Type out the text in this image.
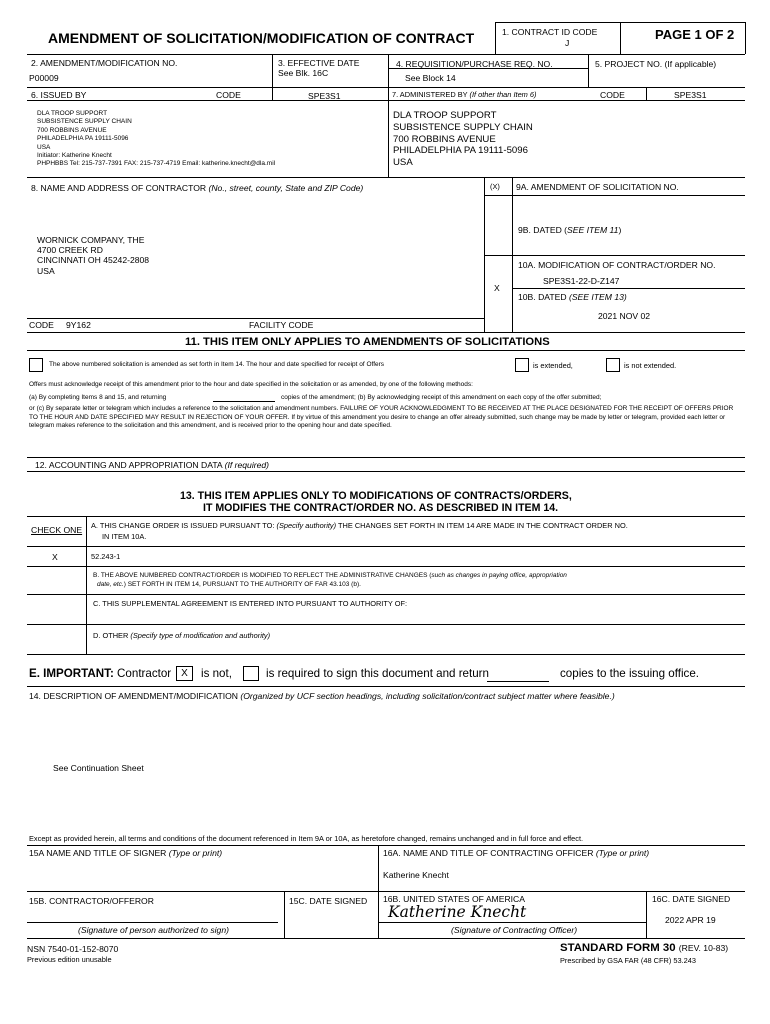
AMENDMENT OF SOLICITATION/MODIFICATION OF CONTRACT	1. CONTRACT ID CODE
J
PAGE 1 OF 2
2. AMENDMENT/MODIFICATION NO.
P00009
3. EFFECTIVE DATE
See Blk. 16C
4. REQUISITION/PURCHASE REQ. NO.
See Block 14
5. PROJECT NO. (If applicable)
6. ISSUED BY	CODE	SPE3S1	7. ADMINISTERED BY (If other than Item 6)	CODE	SPE3S1
DLA TROOP SUPPORT
SUBSISTENCE SUPPLY CHAIN
700 ROBBINS AVENUE
PHILADELPHIA PA 19111-5096
USA
Initiator: Katherine Knecht
PHPHBBS Tel: 215-737-7391 FAX: 215-737-4719 Email: katherine.knecht@dla.mil
DLA TROOP SUPPORT
SUBSISTENCE SUPPLY CHAIN
700 ROBBINS AVENUE
PHILADELPHIA PA 19111-5096
USA
8. NAME AND ADDRESS OF CONTRACTOR (No., street, county, State and ZIP Code)	(X) 9A. AMENDMENT OF SOLICITATION NO.
9B. DATED (SEE ITEM 11)
10A. MODIFICATION OF CONTRACT/ORDER NO.
SPE3S1-22-D-Z147
X
10B. DATED (SEE ITEM 13)
2021 NOV 02
WORNICK COMPANY, THE
4700 CREEK RD
CINCINNATI OH 45242-2808
USA
CODE 9Y162	FACILITY CODE
11. THIS ITEM ONLY APPLIES TO AMENDMENTS OF SOLICITATIONS
The above numbered solicitation is amended as set forth in Item 14. The hour and date specified for receipt of Offers	is extended,	is not extended.
Offers must acknowledge receipt of this amendment prior to the hour and date specified in the solicitation or as amended, by one of the following methods:
(a) By completing Items 8 and 15, and returning	copies of the amendment; (b) By acknowledging receipt of this amendment on each copy of the offer submitted;
or (c) By separate letter or telegram which includes a reference to the solicitation and amendment numbers. FAILURE OF YOUR ACKNOWLEDGMENT TO BE RECEIVED AT THE PLACE DESIGNATED FOR THE RECEIPT OF OFFERS PRIOR TO THE HOUR AND DATE SPECIFIED MAY RESULT IN REJECTION OF YOUR OFFER. If by virtue of this amendment you desire to change an offer already submitted, such change may be made by letter or telegram, provided each letter or telegram makes reference to the solicitation and this amendment, and is received prior to the opening hour and date specified.
12. ACCOUNTING AND APPROPRIATION DATA (If required)
13. THIS ITEM APPLIES ONLY TO MODIFICATIONS OF CONTRACTS/ORDERS,
IT MODIFIES THE CONTRACT/ORDER NO. AS DESCRIBED IN ITEM 14.
CHECK ONE
X
A. THIS CHANGE ORDER IS ISSUED PURSUANT TO: (Specify authority) THE CHANGES SET FORTH IN ITEM 14 ARE MADE IN THE CONTRACT ORDER NO.
IN ITEM 10A.
52.243-1
B. THE ABOVE NUMBERED CONTRACT/ORDER IS MODIFIED TO REFLECT THE ADMINISTRATIVE CHANGES (such as changes in paying office, appropriation
date, etc.) SET FORTH IN ITEM 14, PURSUANT TO THE AUTHORITY OF FAR 43.103 (b).
C. THIS SUPPLEMENTAL AGREEMENT IS ENTERED INTO PURSUANT TO AUTHORITY OF:
D. OTHER (Specify type of modification and authority)
E. IMPORTANT: Contractor X	is not,	is required to sign this document and return	copies to the issuing office.
14. DESCRIPTION OF AMENDMENT/MODIFICATION (Organized by UCF section headings, including solicitation/contract subject matter where feasible.)
See Continuation Sheet
Except as provided herein, all terms and conditions of the document referenced in Item 9A or 10A, as heretofore changed, remains unchanged and in full force and effect.
15A NAME AND TITLE OF SIGNER (Type or print)	16A. NAME AND TITLE OF CONTRACTING OFFICER (Type or print)
Katherine Knecht
15B. CONTRACTOR/OFFEROR	15C. DATE SIGNED 16B. UNITED STATES OF AMERICA
Katherine Knecht
16C. DATE SIGNED
2022 APR 19
(Signature of person authorized to sign)	(Signature of Contracting Officer)
NSN 7540-01-152-8070
Previous edition unusable
STANDARD FORM 30 (REV. 10-83)
Prescribed by GSA FAR (48 CFR) 53.243
